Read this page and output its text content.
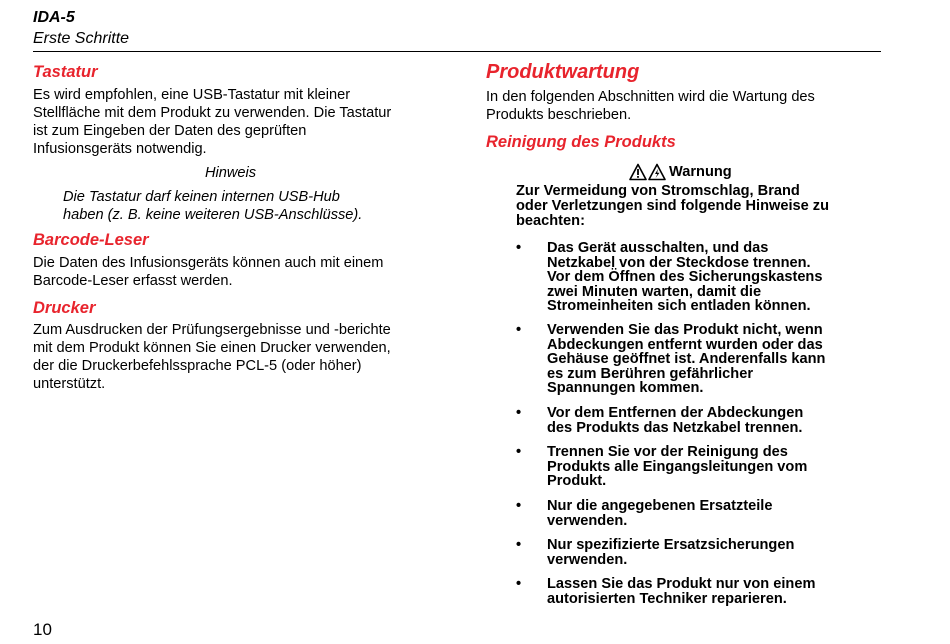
IDA-5
Erste Schritte
Tastatur
Es wird empfohlen, eine USB-Tastatur mit kleiner
Stellfläche mit dem Produkt zu verwenden. Die Tastatur
ist zum Eingeben der Daten des geprüften
Infusionsgeräts notwendig.
Hinweis
Die Tastatur darf keinen internen USB-Hub
haben (z. B. keine weiteren USB-Anschlüsse).
Barcode-Leser
Die Daten des Infusionsgeräts können auch mit einem
Barcode-Leser erfasst werden.
Drucker
Zum Ausdrucken der Prüfungsergebnisse und -berichte
mit dem Produkt können Sie einen Drucker verwenden,
der die Druckerbefehlssprache PCL-5 (oder höher)
unterstützt.
Produktwartung
In den folgenden Abschnitten wird die Wartung des
Produkts beschrieben.
Reinigung des Produkts
Warnung
Zur Vermeidung von Stromschlag, Brand
oder Verletzungen sind folgende Hinweise zu
beachten:
• Das Gerät ausschalten, und das
Netzkabel von der Steckdose trennen.
Vor dem Öffnen des Sicherungskastens
zwei Minuten warten, damit die
Stromeinheiten sich entladen können.
• Verwenden Sie das Produkt nicht, wenn
Abdeckungen entfernt wurden oder das
Gehäuse geöffnet ist. Anderenfalls kann
es zum Berühren gefährlicher
Spannungen kommen.
• Vor dem Entfernen der Abdeckungen
des Produkts das Netzkabel trennen.
• Trennen Sie vor der Reinigung des
Produkts alle Eingangsleitungen vom
Produkt.
• Nur die angegebenen Ersatzteile
verwenden.
• Nur spezifizierte Ersatzsicherungen
verwenden.
• Lassen Sie das Produkt nur von einem
autorisierten Techniker reparieren.
10
